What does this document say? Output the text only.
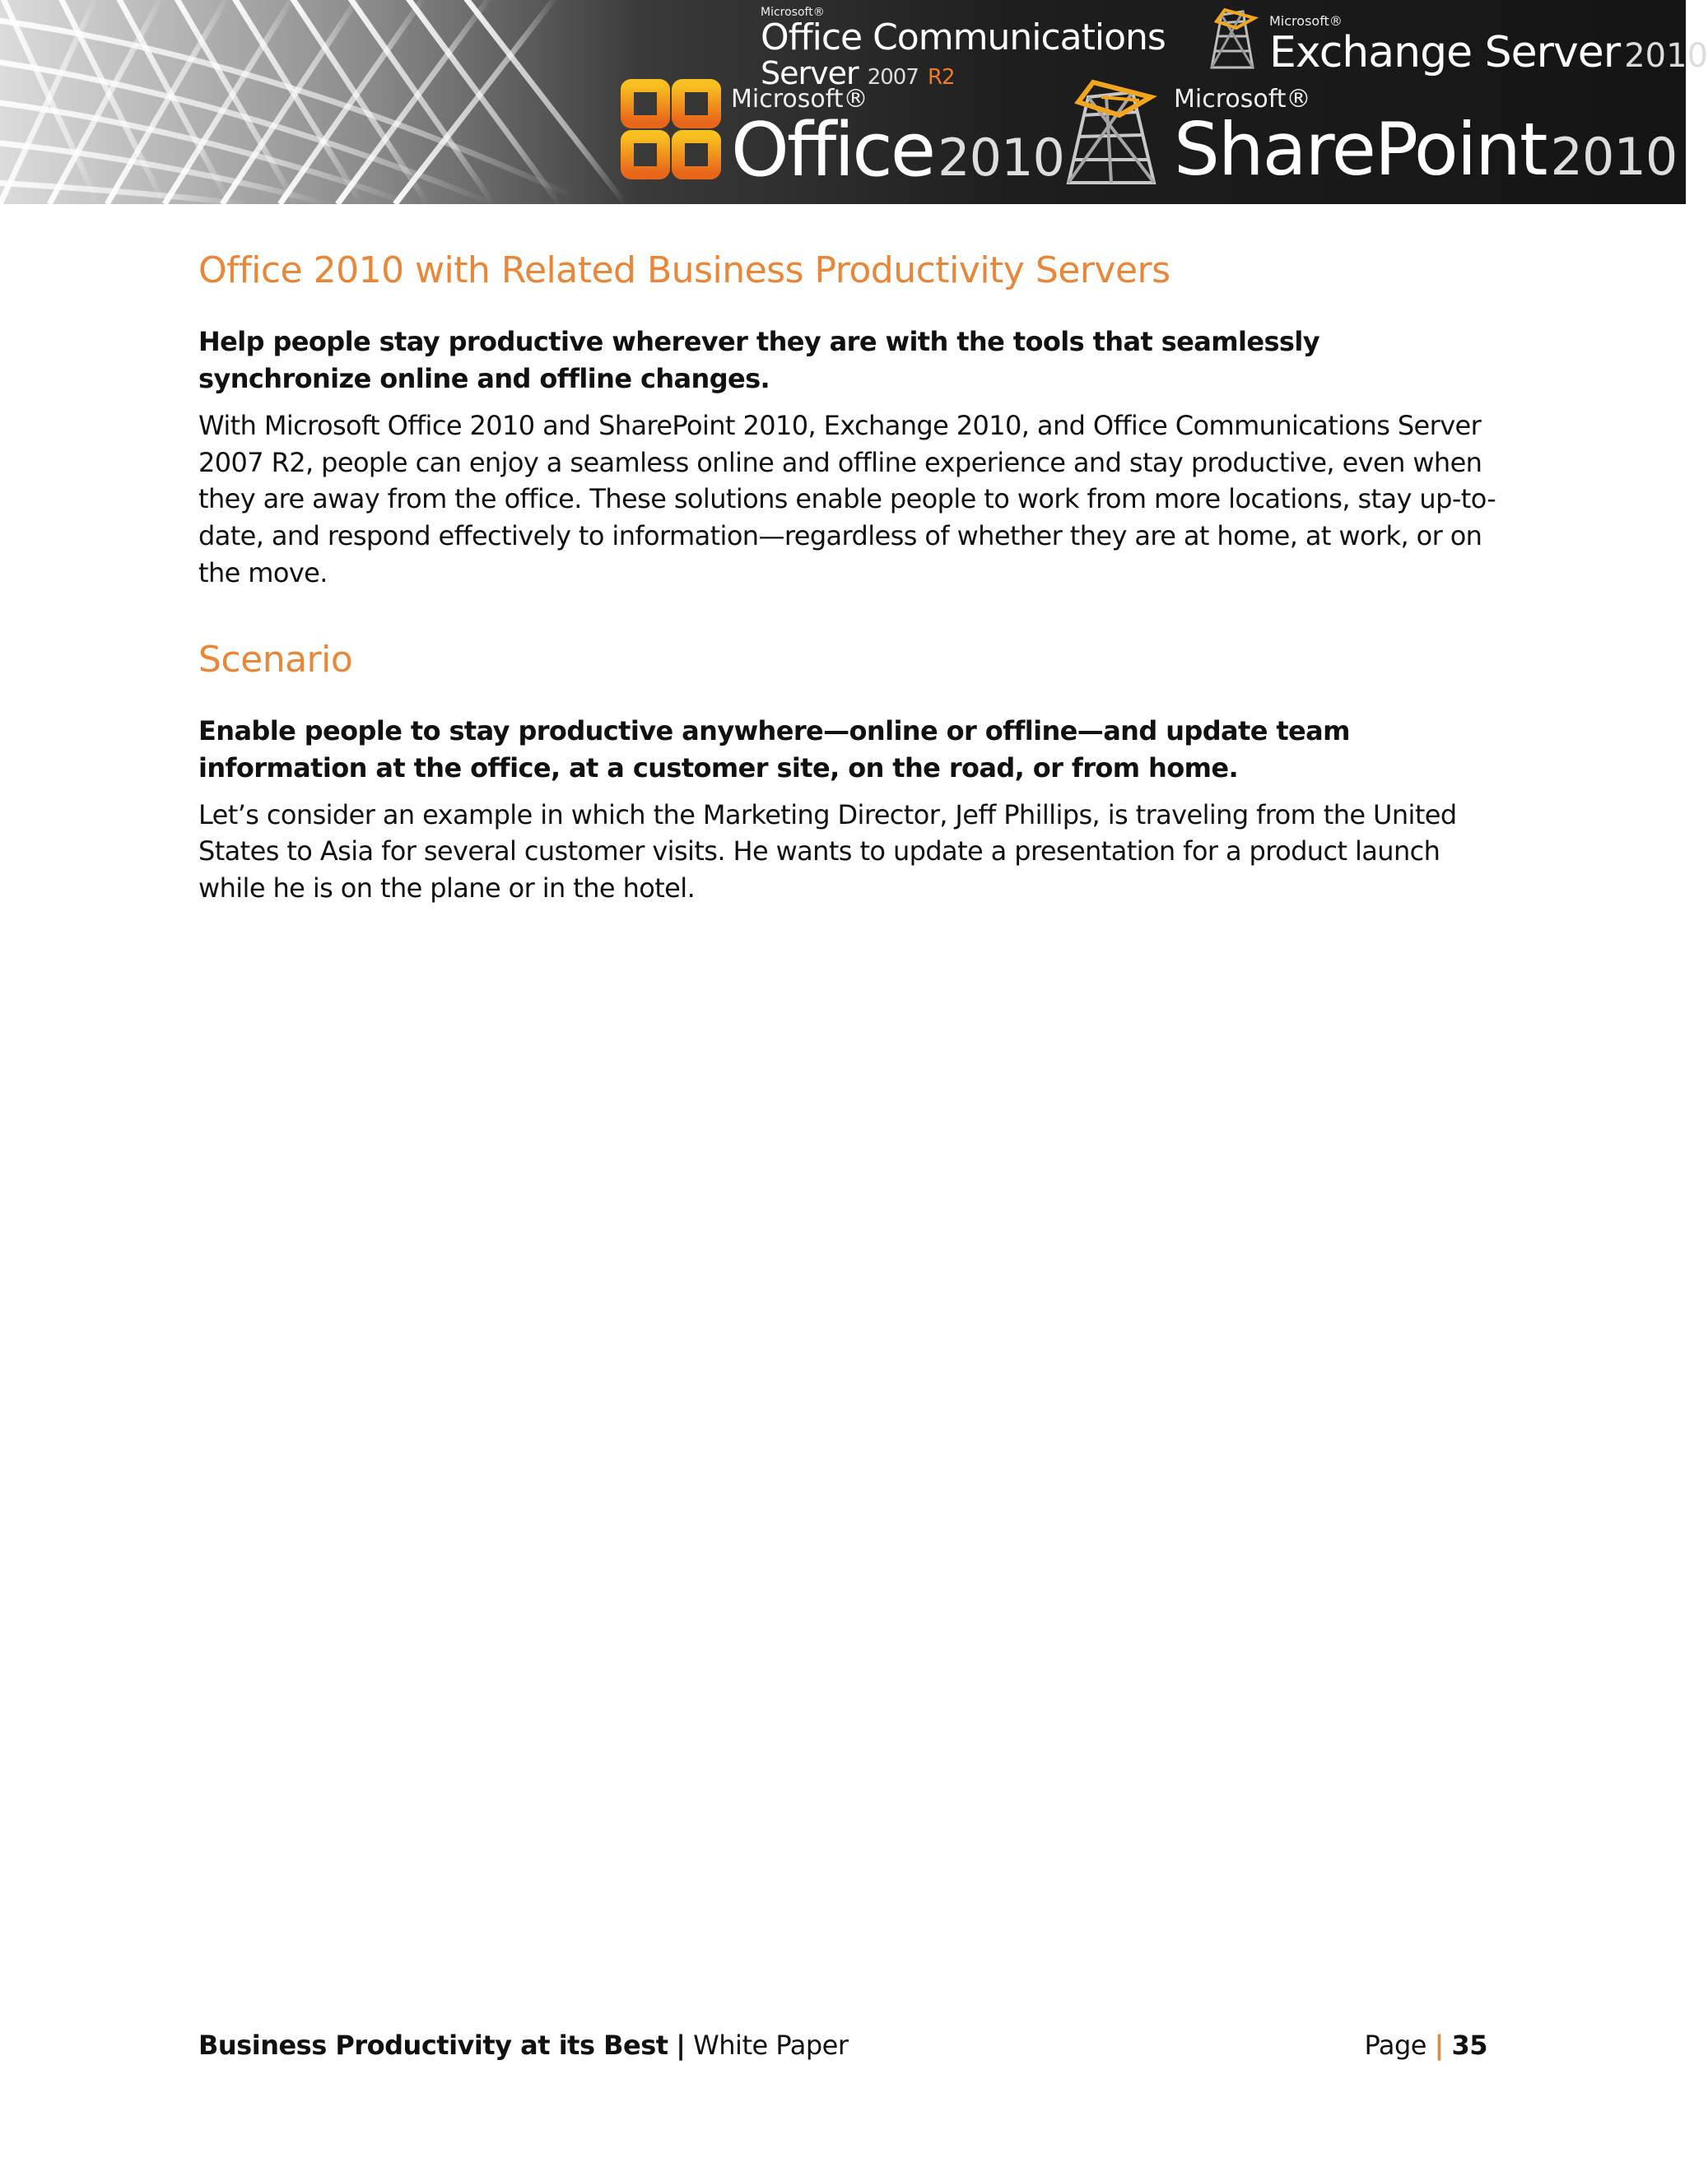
Microsoft®
Office Communications
Server 2007 R2
Microsoft®
Exchange Server 2010
Microsoft®
Office 2010
Microsoft®
SharePoint 2010
Office 2010 with Related Business Productivity Servers

Help people stay productive wherever they are with the tools that seamlessly synchronize online and offline changes.

With Microsoft Office 2010 and SharePoint 2010, Exchange 2010, and Office Communications Server 2007 R2, people can enjoy a seamless online and offline experience and stay productive, even when they are away from the office. These solutions enable people to work from more locations, stay up-to-date, and respond effectively to information—regardless of whether they are at home, at work, or on the move.

Scenario

Enable people to stay productive anywhere—online or offline—and update team information at the office, at a customer site, on the road, or from home.

Let’s consider an example in which the Marketing Director, Jeff Phillips, is traveling from the United States to Asia for several customer visits. He wants to update a presentation for a product launch while he is on the plane or in the hotel.

Business Productivity at its Best | White Paper	Page | 35
